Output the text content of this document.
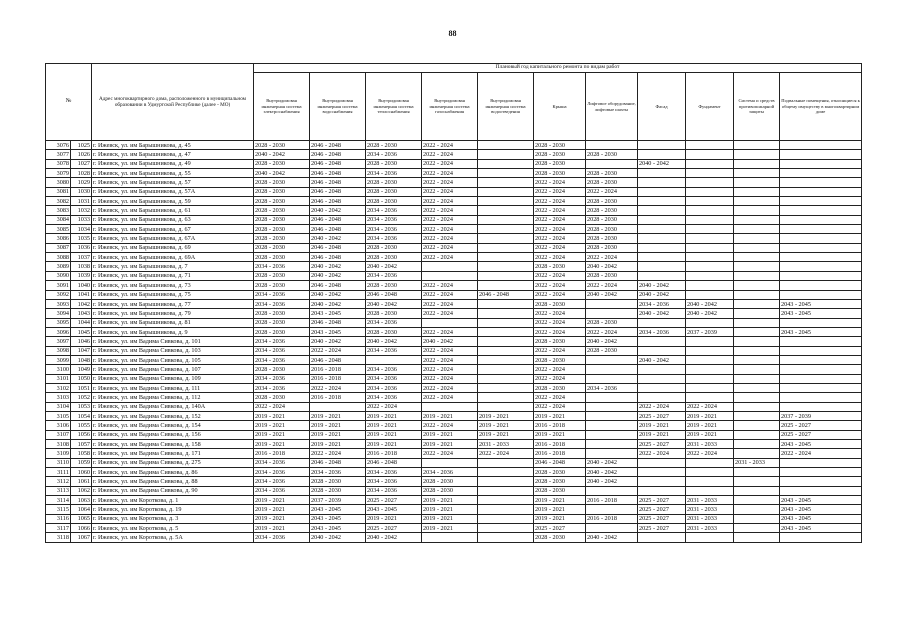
88
№		Адрес многоквартирного дома, расположенного в муниципальном образовании в Удмуртской Республике (далее - МО)	Плановый год капитального ремонта по видам работ										
			Внутридомовая инженерная система электроснабжения	Внутридомовая инженерная система водоснабжения	Внутридомовая инженерная система теплоснабжения	Внутридомовая инженерная система газоснабжения	Внутридомовая инженерная система водоотведения	Крыша	Лифтовое оборудование, лифтовые шахты	Фасад	Фундамент	Система и средств противопожарной защиты	Подвальные помещения, относящиеся к общему имуществу в многоквартирном доме
3076	1025	г. Ижевск, ул. им Барышникова, д. 45	2028 - 2030	2046 - 2048	2028 - 2030	2022 - 2024		2028 - 2030					
3077	1026	г. Ижевск, ул. им Барышникова, д. 47	2040 - 2042	2046 - 2048	2034 - 2036	2022 - 2024		2028 - 2030	2028 - 2030				
3078	1027	г. Ижевск, ул. им Барышникова, д. 49	2028 - 2030	2046 - 2048	2028 - 2030	2022 - 2024		2028 - 2030		2040 - 2042			
3079	1028	г. Ижевск, ул. им Барышникова, д. 55	2040 - 2042	2046 - 2048	2034 - 2036	2022 - 2024		2028 - 2030	2028 - 2030				
3080	1029	г. Ижевск, ул. им Барышникова, д. 57	2028 - 2030	2046 - 2048	2028 - 2030	2022 - 2024		2022 - 2024	2028 - 2030				
3081	1030	г. Ижевск, ул. им Барышникова, д. 57А	2028 - 2030	2046 - 2048	2028 - 2030	2022 - 2024		2022 - 2024	2022 - 2024				
3082	1031	г. Ижевск, ул. им Барышникова, д. 59	2028 - 2030	2046 - 2048	2028 - 2030	2022 - 2024		2022 - 2024	2028 - 2030				
3083	1032	г. Ижевск, ул. им Барышникова, д. 61	2028 - 2030	2040 - 2042	2034 - 2036	2022 - 2024		2022 - 2024	2028 - 2030				
3084	1033	г. Ижевск, ул. им Барышникова, д. 63	2028 - 2030	2046 - 2048	2034 - 2036	2022 - 2024		2022 - 2024	2028 - 2030				
3085	1034	г. Ижевск, ул. им Барышникова, д. 67	2028 - 2030	2046 - 2048	2034 - 2036	2022 - 2024		2022 - 2024	2028 - 2030				
3086	1035	г. Ижевск, ул. им Барышникова, д. 67А	2028 - 2030	2040 - 2042	2034 - 2036	2022 - 2024		2022 - 2024	2028 - 2030				
3087	1036	г. Ижевск, ул. им Барышникова, д. 69	2028 - 2030	2046 - 2048	2028 - 2030	2022 - 2024		2022 - 2024	2028 - 2030				
3088	1037	г. Ижевск, ул. им Барышникова, д. 69А	2028 - 2030	2046 - 2048	2028 - 2030	2022 - 2024		2022 - 2024	2022 - 2024				
3089	1038	г. Ижевск, ул. им Барышникова, д. 7	2034 - 2036	2040 - 2042	2040 - 2042			2028 - 2030	2040 - 2042				
3090	1039	г. Ижевск, ул. им Барышникова, д. 71	2028 - 2030	2040 - 2042	2034 - 2036			2022 - 2024	2028 - 2030				
3091	1040	г. Ижевск, ул. им Барышникова, д. 73	2028 - 2030	2046 - 2048	2028 - 2030	2022 - 2024		2022 - 2024	2022 - 2024	2040 - 2042			
3092	1041	г. Ижевск, ул. им Барышникова, д. 75	2034 - 2036	2040 - 2042	2046 - 2048	2022 - 2024	2046 - 2048	2022 - 2024	2040 - 2042	2040 - 2042			
3093	1042	г. Ижевск, ул. им Барышникова, д. 77	2034 - 2036	2040 - 2042	2040 - 2042	2022 - 2024		2028 - 2030		2034 - 2036	2040 - 2042		2043 - 2045
3094	1043	г. Ижевск, ул. им Барышникова, д. 79	2028 - 2030	2043 - 2045	2028 - 2030	2022 - 2024		2022 - 2024		2040 - 2042	2040 - 2042		2043 - 2045
3095	1044	г. Ижевск, ул. им Барышникова, д. 81	2028 - 2030	2046 - 2048	2034 - 2036			2022 - 2024	2028 - 2030				
3096	1045	г. Ижевск, ул. им Барышникова, д. 9	2028 - 2030	2043 - 2045	2028 - 2030	2022 - 2024		2022 - 2024	2022 - 2024	2034 - 2036	2037 - 2039		2043 - 2045
3097	1046	г. Ижевск, ул. им Вадима Сивкова, д. 101	2034 - 2036	2040 - 2042	2040 - 2042	2040 - 2042		2028 - 2030	2040 - 2042				
3098	1047	г. Ижевск, ул. им Вадима Сивкова, д. 103	2034 - 2036	2022 - 2024	2034 - 2036	2022 - 2024		2022 - 2024	2028 - 2030				
3099	1048	г. Ижевск, ул. им Вадима Сивкова, д. 105	2034 - 2036	2046 - 2048		2022 - 2024		2028 - 2030		2040 - 2042			
3100	1049	г. Ижевск, ул. им Вадима Сивкова, д. 107	2028 - 2030	2016 - 2018	2034 - 2036	2022 - 2024		2022 - 2024					
3101	1050	г. Ижевск, ул. им Вадима Сивкова, д. 109	2034 - 2036	2016 - 2018	2034 - 2036	2022 - 2024		2022 - 2024					
3102	1051	г. Ижевск, ул. им Вадима Сивкова, д. 111	2034 - 2036	2022 - 2024	2034 - 2036	2022 - 2024		2028 - 2030	2034 - 2036				
3103	1052	г. Ижевск, ул. им Вадима Сивкова, д. 112	2028 - 2030	2016 - 2018	2034 - 2036	2022 - 2024		2022 - 2024					
3104	1053	г. Ижевск, ул. им Вадима Сивкова, д. 140А	2022 - 2024		2022 - 2024			2022 - 2024		2022 - 2024	2022 - 2024		
3105	1054	г. Ижевск, ул. им Вадима Сивкова, д. 152	2019 - 2021	2019 - 2021	2019 - 2021	2019 - 2021	2019 - 2021	2019 - 2021		2025 - 2027	2019 - 2021		2037 - 2039
3106	1055	г. Ижевск, ул. им Вадима Сивкова, д. 154	2019 - 2021	2019 - 2021	2019 - 2021	2022 - 2024	2019 - 2021	2016 - 2018		2019 - 2021	2019 - 2021		2025 - 2027
3107	1056	г. Ижевск, ул. им Вадима Сивкова, д. 156	2019 - 2021	2019 - 2021	2019 - 2021	2019 - 2021	2019 - 2021	2019 - 2021		2019 - 2021	2019 - 2021		2025 - 2027
3108	1057	г. Ижевск, ул. им Вадима Сивкова, д. 158	2019 - 2021	2019 - 2021	2019 - 2021	2019 - 2021	2031 - 2033	2016 - 2018		2025 - 2027	2031 - 2033		2043 - 2045
3109	1058	г. Ижевск, ул. им Вадима Сивкова, д. 171	2016 - 2018	2022 - 2024	2016 - 2018	2022 - 2024	2022 - 2024	2016 - 2018		2022 - 2024	2022 - 2024		2022 - 2024
3110	1059	г. Ижевск, ул. им Вадима Сивкова, д. 275	2034 - 2036	2046 - 2048	2046 - 2048			2046 - 2048	2040 - 2042			2031 - 2033	
3111	1060	г. Ижевск, ул. им Вадима Сивкова, д. 86	2034 - 2036	2034 - 2036	2034 - 2036	2034 - 2036		2028 - 2030	2040 - 2042				
3112	1061	г. Ижевск, ул. им Вадима Сивкова, д. 88	2034 - 2036	2028 - 2030	2034 - 2036	2028 - 2030		2028 - 2030	2040 - 2042				
3113	1062	г. Ижевск, ул. им Вадима Сивкова, д. 90	2034 - 2036	2028 - 2030	2034 - 2036	2028 - 2030		2028 - 2030					
3114	1063	г. Ижевск, ул. им Короткова, д. 1	2019 - 2021	2037 - 2039	2025 - 2027	2019 - 2021		2019 - 2021	2016 - 2018	2025 - 2027	2031 - 2033		2043 - 2045
3115	1064	г. Ижевск, ул. им Короткова, д. 19	2019 - 2021	2043 - 2045	2043 - 2045	2019 - 2021		2019 - 2021		2025 - 2027	2031 - 2033		2043 - 2045
3116	1065	г. Ижевск, ул. им Короткова, д. 3	2019 - 2021	2043 - 2045	2019 - 2021	2019 - 2021		2019 - 2021	2016 - 2018	2025 - 2027	2031 - 2033		2043 - 2045
3117	1066	г. Ижевск, ул. им Короткова, д. 5	2019 - 2021	2043 - 2045	2025 - 2027	2019 - 2021		2025 - 2027		2025 - 2027	2031 - 2033		2043 - 2045
3118	1067	г. Ижевск, ул. им Короткова, д. 5А	2034 - 2036	2040 - 2042	2040 - 2042			2028 - 2030	2040 - 2042				
